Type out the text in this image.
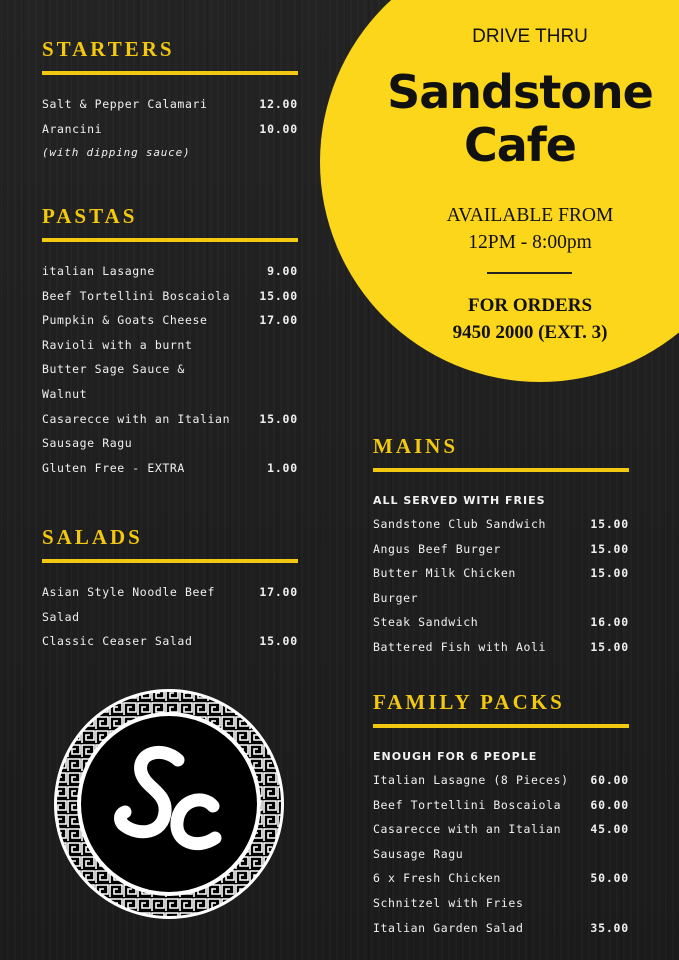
DRIVE THRU
Sandstone
Cafe
AVAILABLE FROM
12PM - 8:00pm
FOR ORDERS
9450 2000 (EXT. 3)
STARTERS
Salt & Pepper Calamari	12.00
Arancini	10.00
(with dipping sauce)
PASTAS
italian Lasagne	9.00
Beef Tortellini Boscaiola	15.00
Pumpkin & Goats Cheese	17.00
Ravioli with a burnt
Butter Sage Sauce &
Walnut
Casarecce with an Italian	15.00
Sausage Ragu
Gluten Free - EXTRA	1.00
SALADS
Asian Style Noodle Beef	17.00
Salad
Classic Ceaser Salad	15.00
MAINS
ALL SERVED WITH FRIES
Sandstone Club Sandwich	15.00
Angus Beef Burger	15.00
Butter Milk Chicken	15.00
Burger
Steak Sandwich	16.00
Battered Fish with Aoli	15.00
FAMILY PACKS
ENOUGH FOR 6 PEOPLE
Italian Lasagne (8 Pieces) 60.00
Beef Tortellini Boscaiola	60.00
Casarecce with an Italian	45.00
Sausage Ragu
6 x Fresh Chicken	50.00
Schnitzel with Fries
Italian Garden Salad	35.00
